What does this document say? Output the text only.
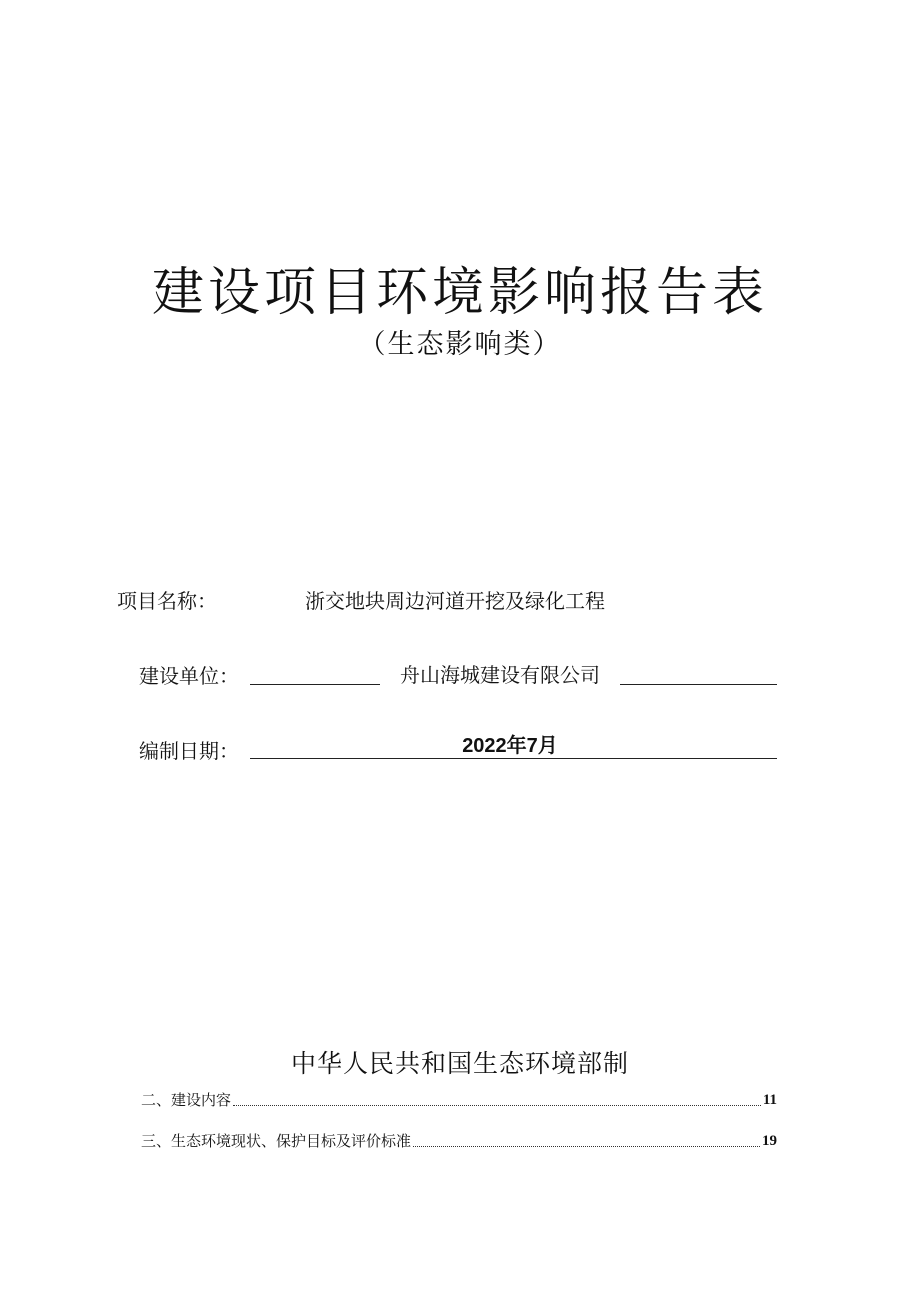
建设项目环境影响报告表
（生态影响类）
项目名称：	浙交地块周边河道开挖及绿化工程
建设单位：	舟山海城建设有限公司
编制日期：	2022年7月
中华人民共和国生态环境部制
二、建设内容	11
三、生态环境现状、保护目标及评价标准	19
